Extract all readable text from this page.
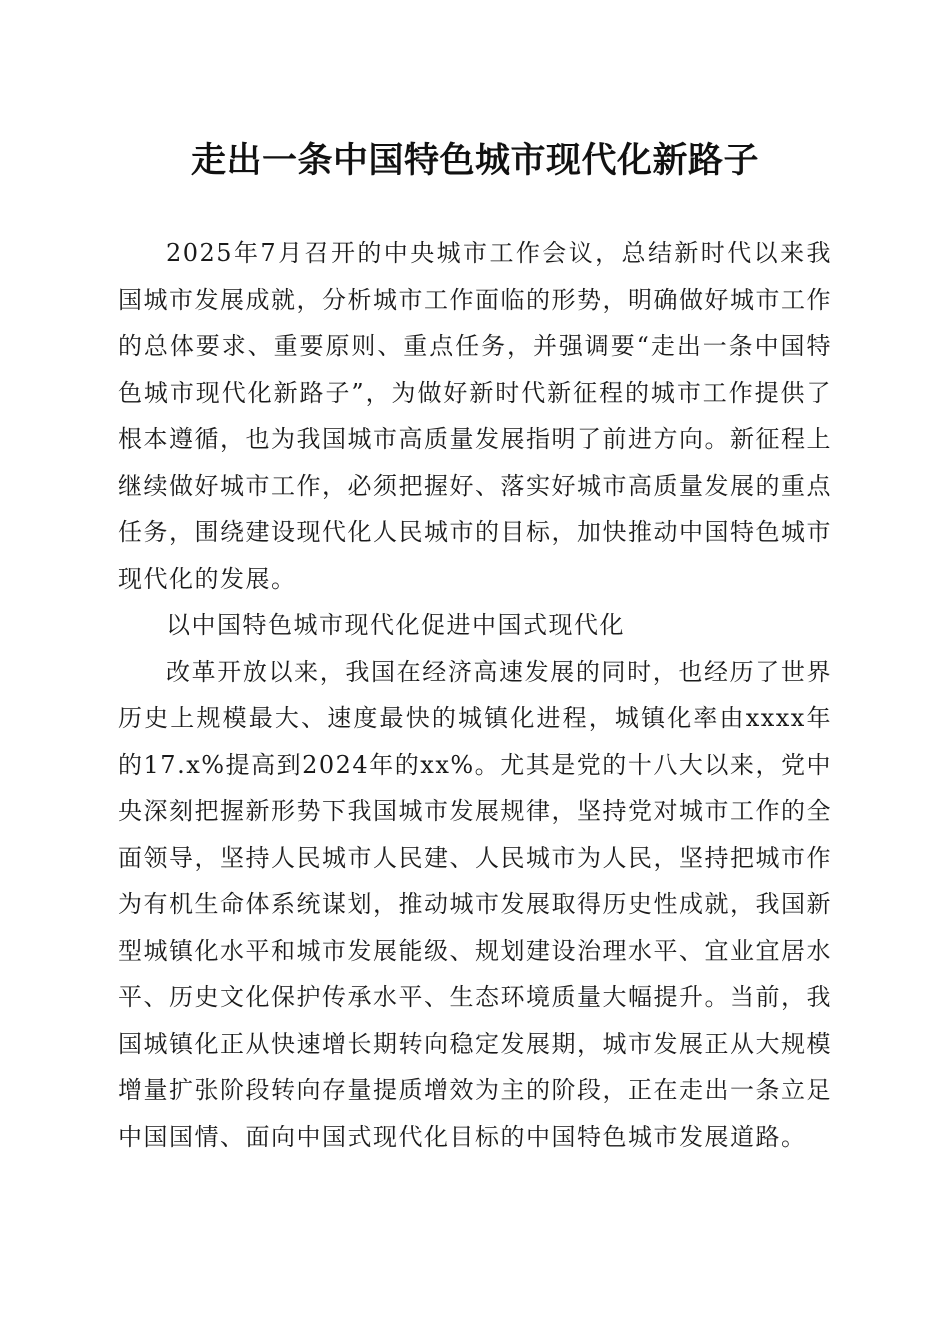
走出一条中国特色城市现代化新路子

2025年7月召开的中央城市工作会议，总结新时代以来我国城市发展成就，分析城市工作面临的形势，明确做好城市工作的总体要求、重要原则、重点任务，并强调要“走出一条中国特色城市现代化新路子”，为做好新时代新征程的城市工作提供了根本遵循，也为我国城市高质量发展指明了前进方向。新征程上继续做好城市工作，必须把握好、落实好城市高质量发展的重点任务，围绕建设现代化人民城市的目标，加快推动中国特色城市现代化的发展。

以中国特色城市现代化促进中国式现代化

改革开放以来，我国在经济高速发展的同时，也经历了世界历史上规模最大、速度最快的城镇化进程，城镇化率由xxxx年的17.x%提高到2024年的xx%。尤其是党的十八大以来，党中央深刻把握新形势下我国城市发展规律，坚持党对城市工作的全面领导，坚持人民城市人民建、人民城市为人民，坚持把城市作为有机生命体系统谋划，推动城市发展取得历史性成就，我国新型城镇化水平和城市发展能级、规划建设治理水平、宜业宜居水平、历史文化保护传承水平、生态环境质量大幅提升。当前，我国城镇化正从快速增长期转向稳定发展期，城市发展正从大规模增量扩张阶段转向存量提质增效为主的阶段，正在走出一条立足中国国情、面向中国式现代化目标的中国特色城市发展道路。
